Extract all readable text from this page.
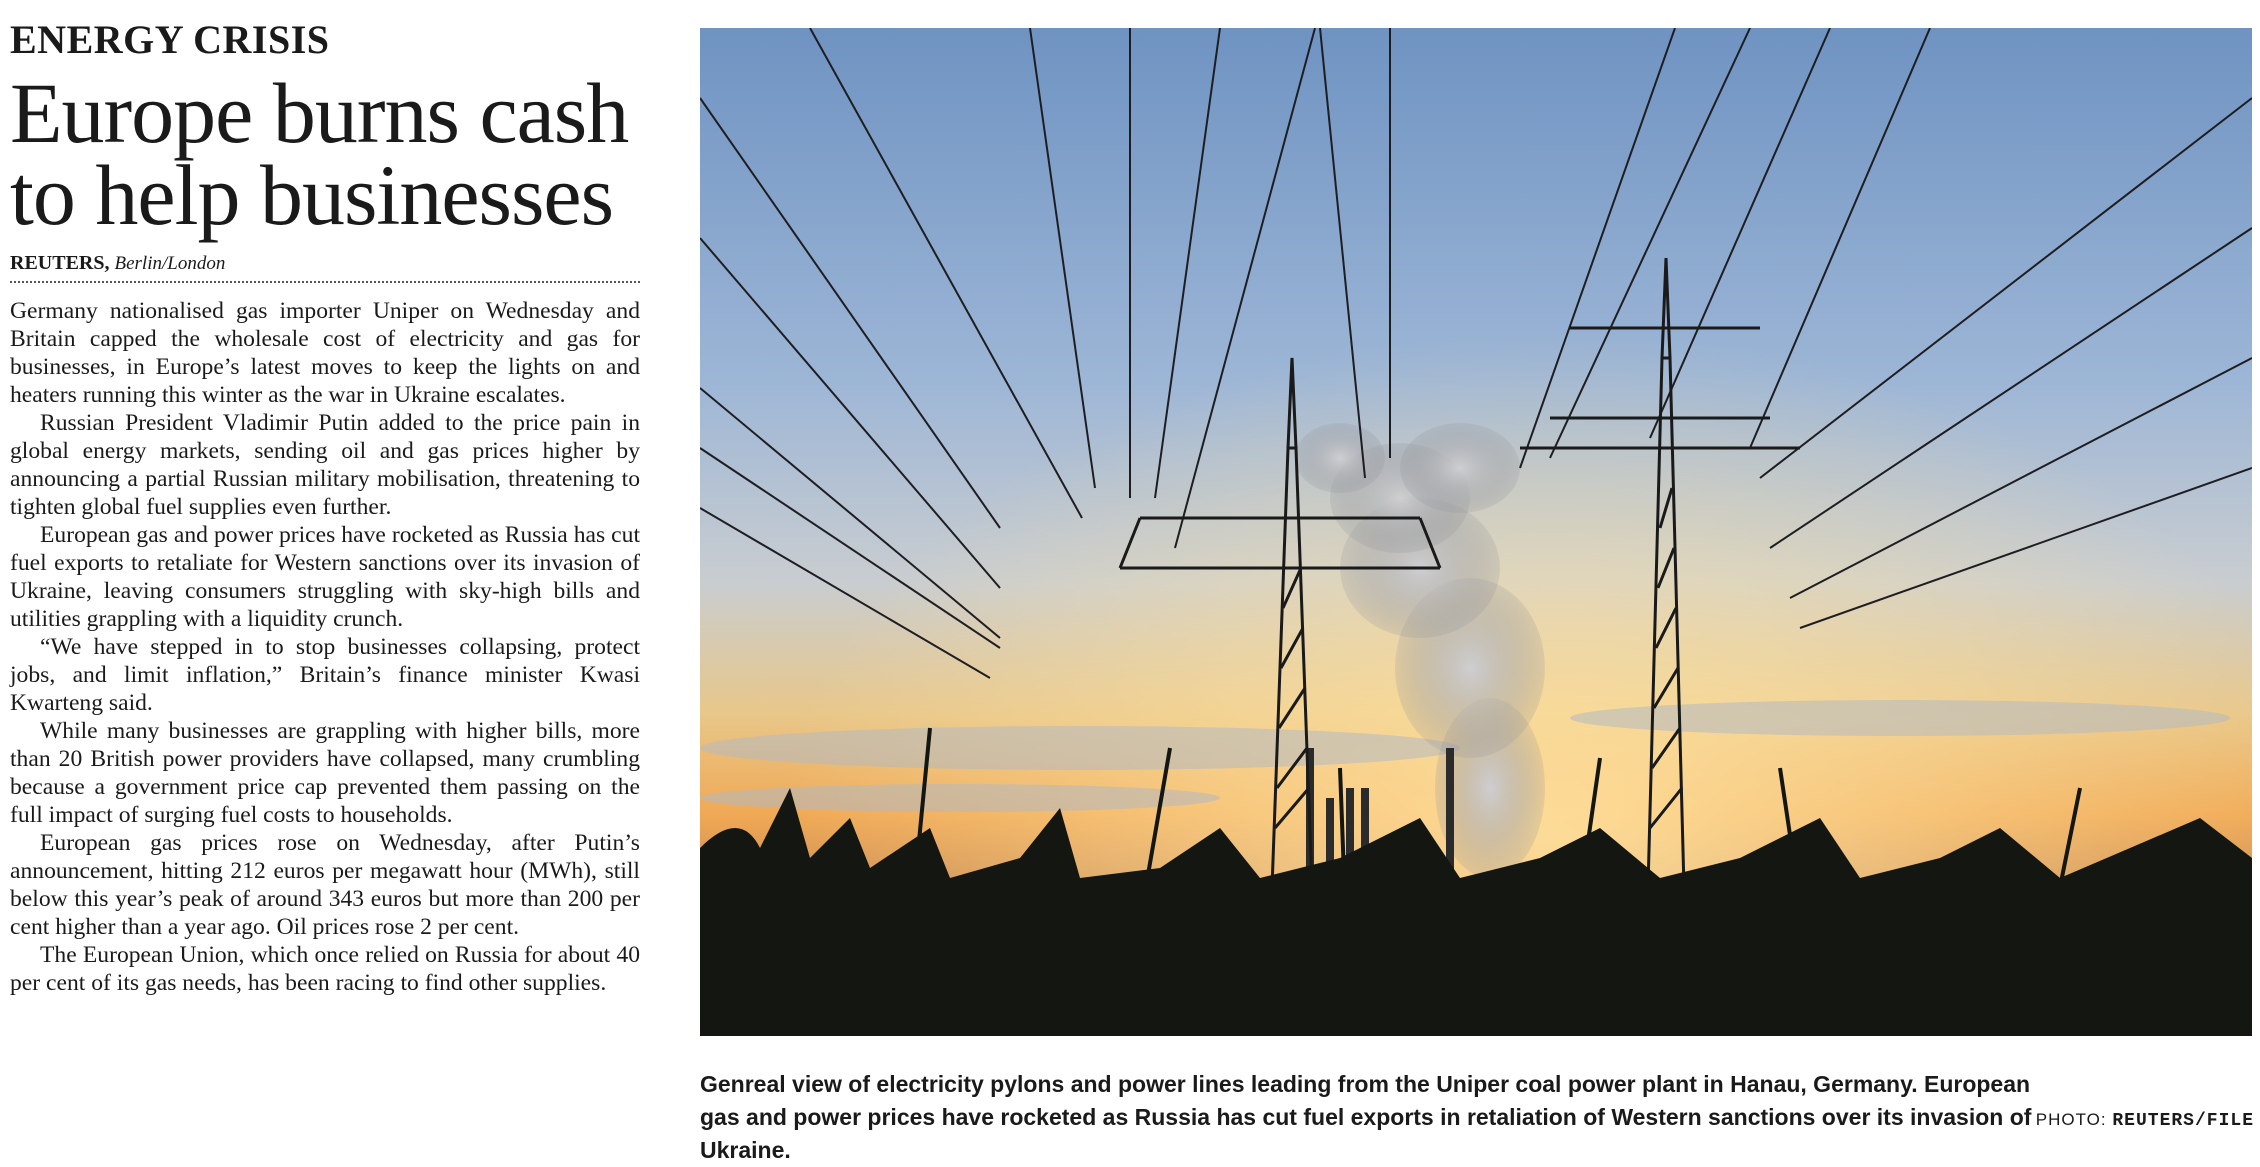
ENERGY CRISIS
Europe burns cash to help businesses
REUTERS, Berlin/London

Germany nationalised gas importer Uniper on Wednesday and Britain capped the wholesale cost of electricity and gas for businesses, in Europe’s latest moves to keep the lights on and heaters running this winter as the war in Ukraine escalates.

Russian President Vladimir Putin added to the price pain in global energy markets, sending oil and gas prices higher by announcing a partial Russian military mobilisation, threatening to tighten global fuel supplies even further.

European gas and power prices have rocketed as Russia has cut fuel exports to retaliate for Western sanctions over its invasion of Ukraine, leaving consumers struggling with sky-high bills and utilities grappling with a liquidity crunch.

“We have stepped in to stop businesses collapsing, protect jobs, and limit inflation,” Britain’s finance minister Kwasi Kwarteng said.

While many businesses are grappling with higher bills, more than 20 British power providers have collapsed, many crumbling because a government price cap prevented them passing on the full impact of surging fuel costs to households.

European gas prices rose on Wednesday, after Putin’s announcement, hitting 212 euros per megawatt hour (MWh), still below this year’s peak of around 343 euros but more than 200 per cent higher than a year ago. Oil prices rose 2 per cent.

The European Union, which once relied on Russia for about 40 per cent of its gas needs, has been racing to find other supplies.

Genreal view of electricity pylons and power lines leading from the Uniper coal power plant in Hanau, Germany. European gas and power prices have rocketed as Russia has cut fuel exports in retaliation of Western sanctions over its invasion of Ukraine.
PHOTO: REUTERS/FILE
